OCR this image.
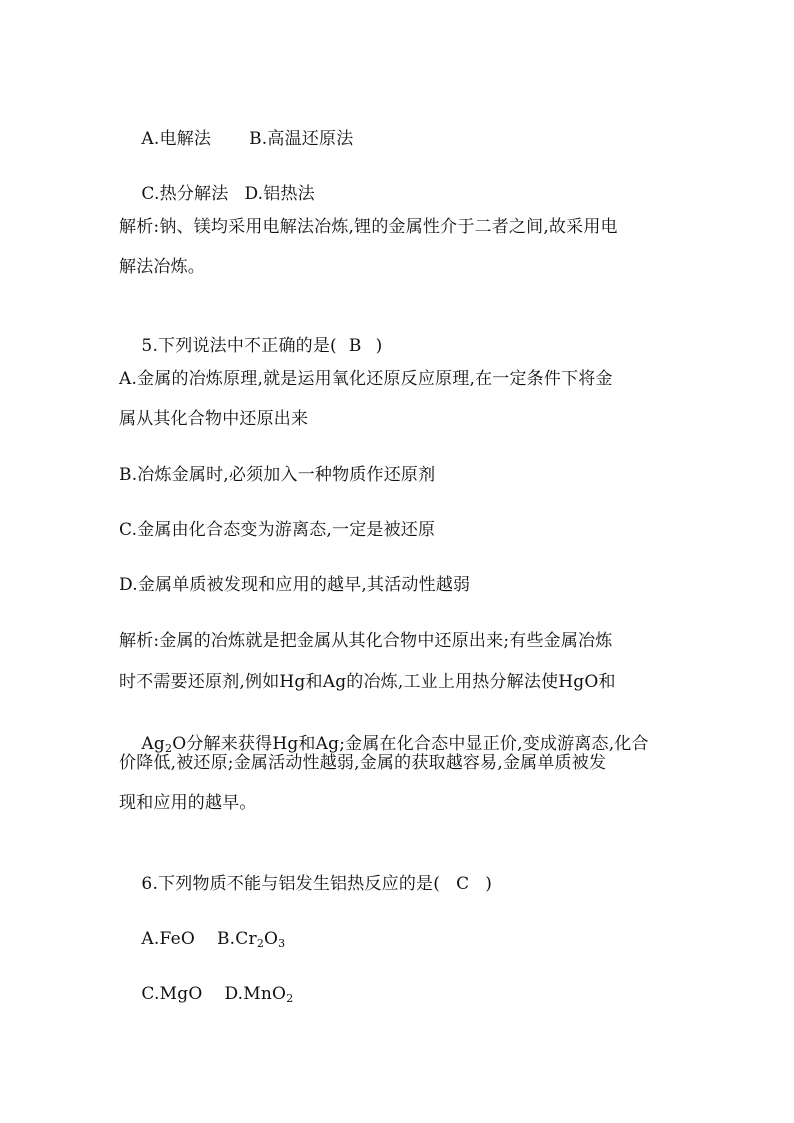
A.电解法 B.高温还原法

C.热分解法 D.铝热法

解析:钠、镁均采用电解法冶炼,锂的金属性介于二者之间,故采用电
解法冶炼。

5.下列说法中不正确的是( B )

A.金属的冶炼原理,就是运用氧化还原反应原理,在一定条件下将金
属从其化合物中还原出来
B.冶炼金属时,必须加入一种物质作还原剂
C.金属由化合态变为游离态,一定是被还原
D.金属单质被发现和应用的越早,其活动性越弱
解析:金属的冶炼就是把金属从其化合物中还原出来;有些金属冶炼
时不需要还原剂,例如Hg和Ag的冶炼,工业上用热分解法使HgO和

$Ag_2O$分解来获得Hg和Ag;金属在化合态中显正价,变成游离态,化合

价降低,被还原;金属活动性越弱,金属的获取越容易,金属单质被发
现和应用的越早。

6.下列物质不能与铝发生铝热反应的是( C )

A.FeO $B.Cr_2O_3$

C.MgO D.MnO$_2$
